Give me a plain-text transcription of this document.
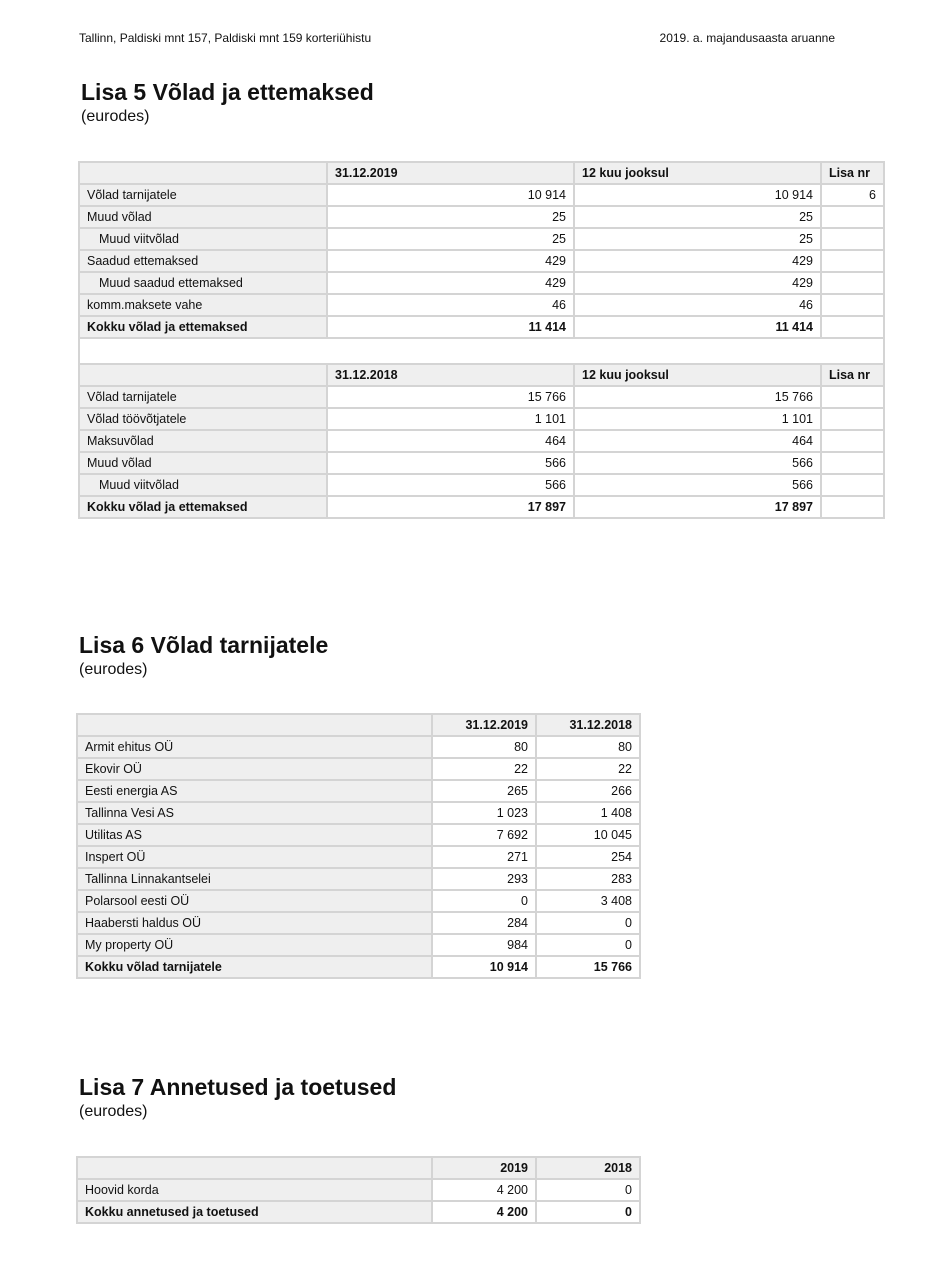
Tallinn, Paldiski mnt 157, Paldiski mnt 159 korteriühistu	2019. a. majandusaasta aruanne
Lisa 5 Võlad ja ettemaksed
(eurodes)
	31.12.2019	12 kuu jooksul	Lisa nr
Võlad tarnijatele	10 914	10 914	6
Muud võlad	25	25	
Muud viitvõlad	25	25	
Saadud ettemaksed	429	429	
Muud saadud ettemaksed	429	429	
komm.maksete vahe	46	46	
Kokku võlad ja ettemaksed	11 414	11 414	

	31.12.2018	12 kuu jooksul	Lisa nr
Võlad tarnijatele	15 766	15 766	
Võlad töövõtjatele	1 101	1 101	
Maksuvõlad	464	464	
Muud võlad	566	566	
Muud viitvõlad	566	566	
Kokku võlad ja ettemaksed	17 897	17 897	
Lisa 6 Võlad tarnijatele
(eurodes)
	31.12.2019	31.12.2018
Armit ehitus OÜ	80	80
Ekovir OÜ	22	22
Eesti energia AS	265	266
Tallinna Vesi AS	1 023	1 408
Utilitas AS	7 692	10 045
Inspert OÜ	271	254
Tallinna Linnakantselei	293	283
Polarsool eesti OÜ	0	3 408
Haabersti haldus OÜ	284	0
My property OÜ	984	0
Kokku võlad tarnijatele	10 914	15 766
Lisa 7 Annetused ja toetused
(eurodes)
	2019	2018
Hoovid korda	4 200	0
Kokku annetused ja toetused	4 200	0
